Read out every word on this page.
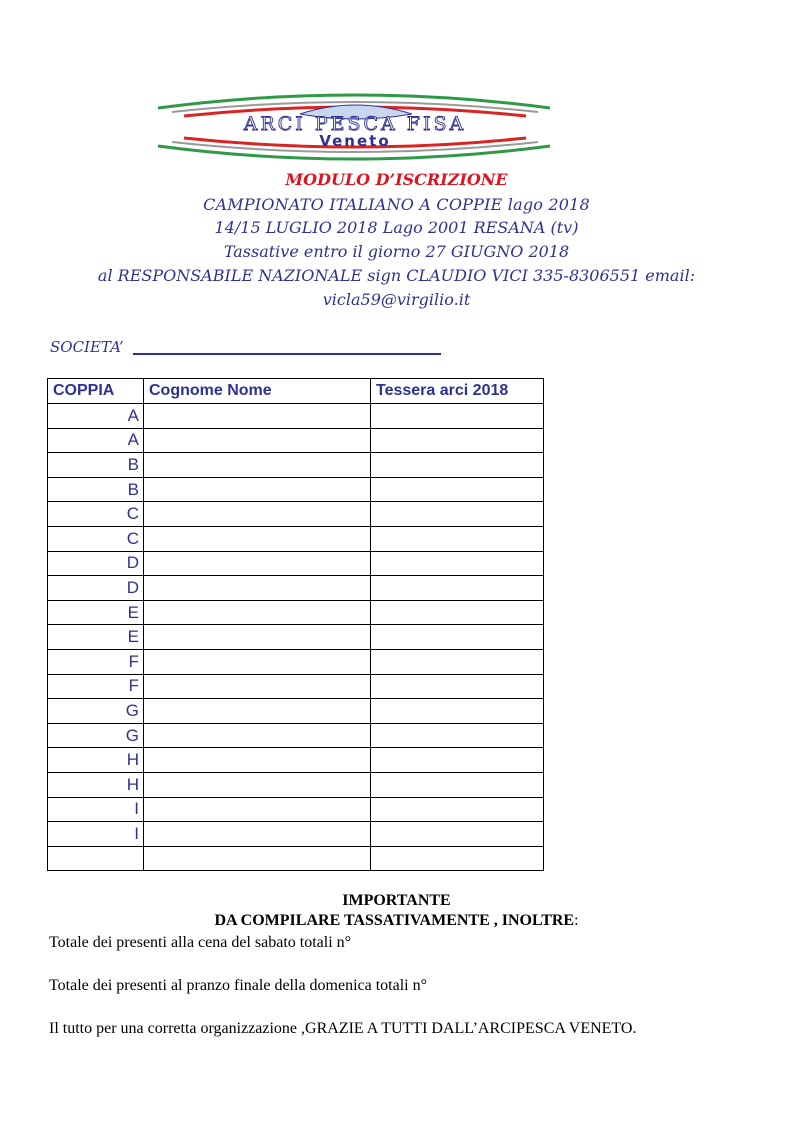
ARCI PESCA FISA
Veneto
MODULO D’ISCRIZIONE
CAMPIONATO ITALIANO A COPPIE lago 2018
14/15 LUGLIO 2018 Lago 2001 RESANA (tv)
Tassative entro il giorno 27 GIUGNO 2018
al RESPONSABILE NAZIONALE sign CLAUDIO VICI 335-8306551 email:
vicla59@virgilio.it
SOCIETA’
COPPIA	Cognome Nome	Tessera arci 2018
A		
A		
B		
B		
C		
C		
D		
D		
E		
E		
F		
F		
G		
G		
H		
H		
I		
I		

IMPORTANTE
DA COMPILARE TASSATIVAMENTE , INOLTRE:
Totale dei presenti alla cena del sabato totali n°
Totale dei presenti al pranzo finale della domenica totali n°
Il tutto per una corretta organizzazione ,GRAZIE A TUTTI DALL’ARCIPESCA VENETO.
